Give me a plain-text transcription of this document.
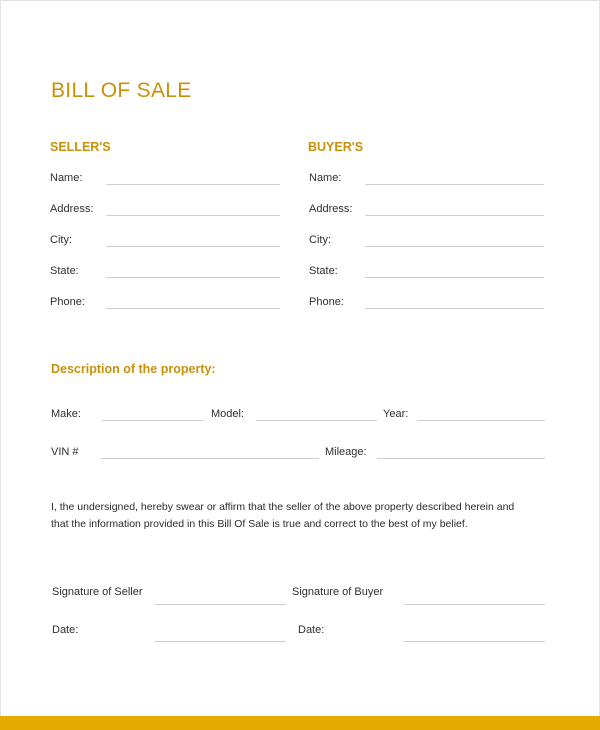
BILL OF SALE
SELLER'S
Name:
Address:
City:
State:
Phone:
BUYER'S
Name:
Address:
City:
State:
Phone:
Description of the property:
Make:	Model:	Year:
VIN #	Mileage:
I, the undersigned, hereby swear or affirm that the seller of the above property described herein and
that the information provided in this Bill Of Sale is true and correct to the best of my belief.
Signature of Seller	Signature of Buyer
Date:	Date:
